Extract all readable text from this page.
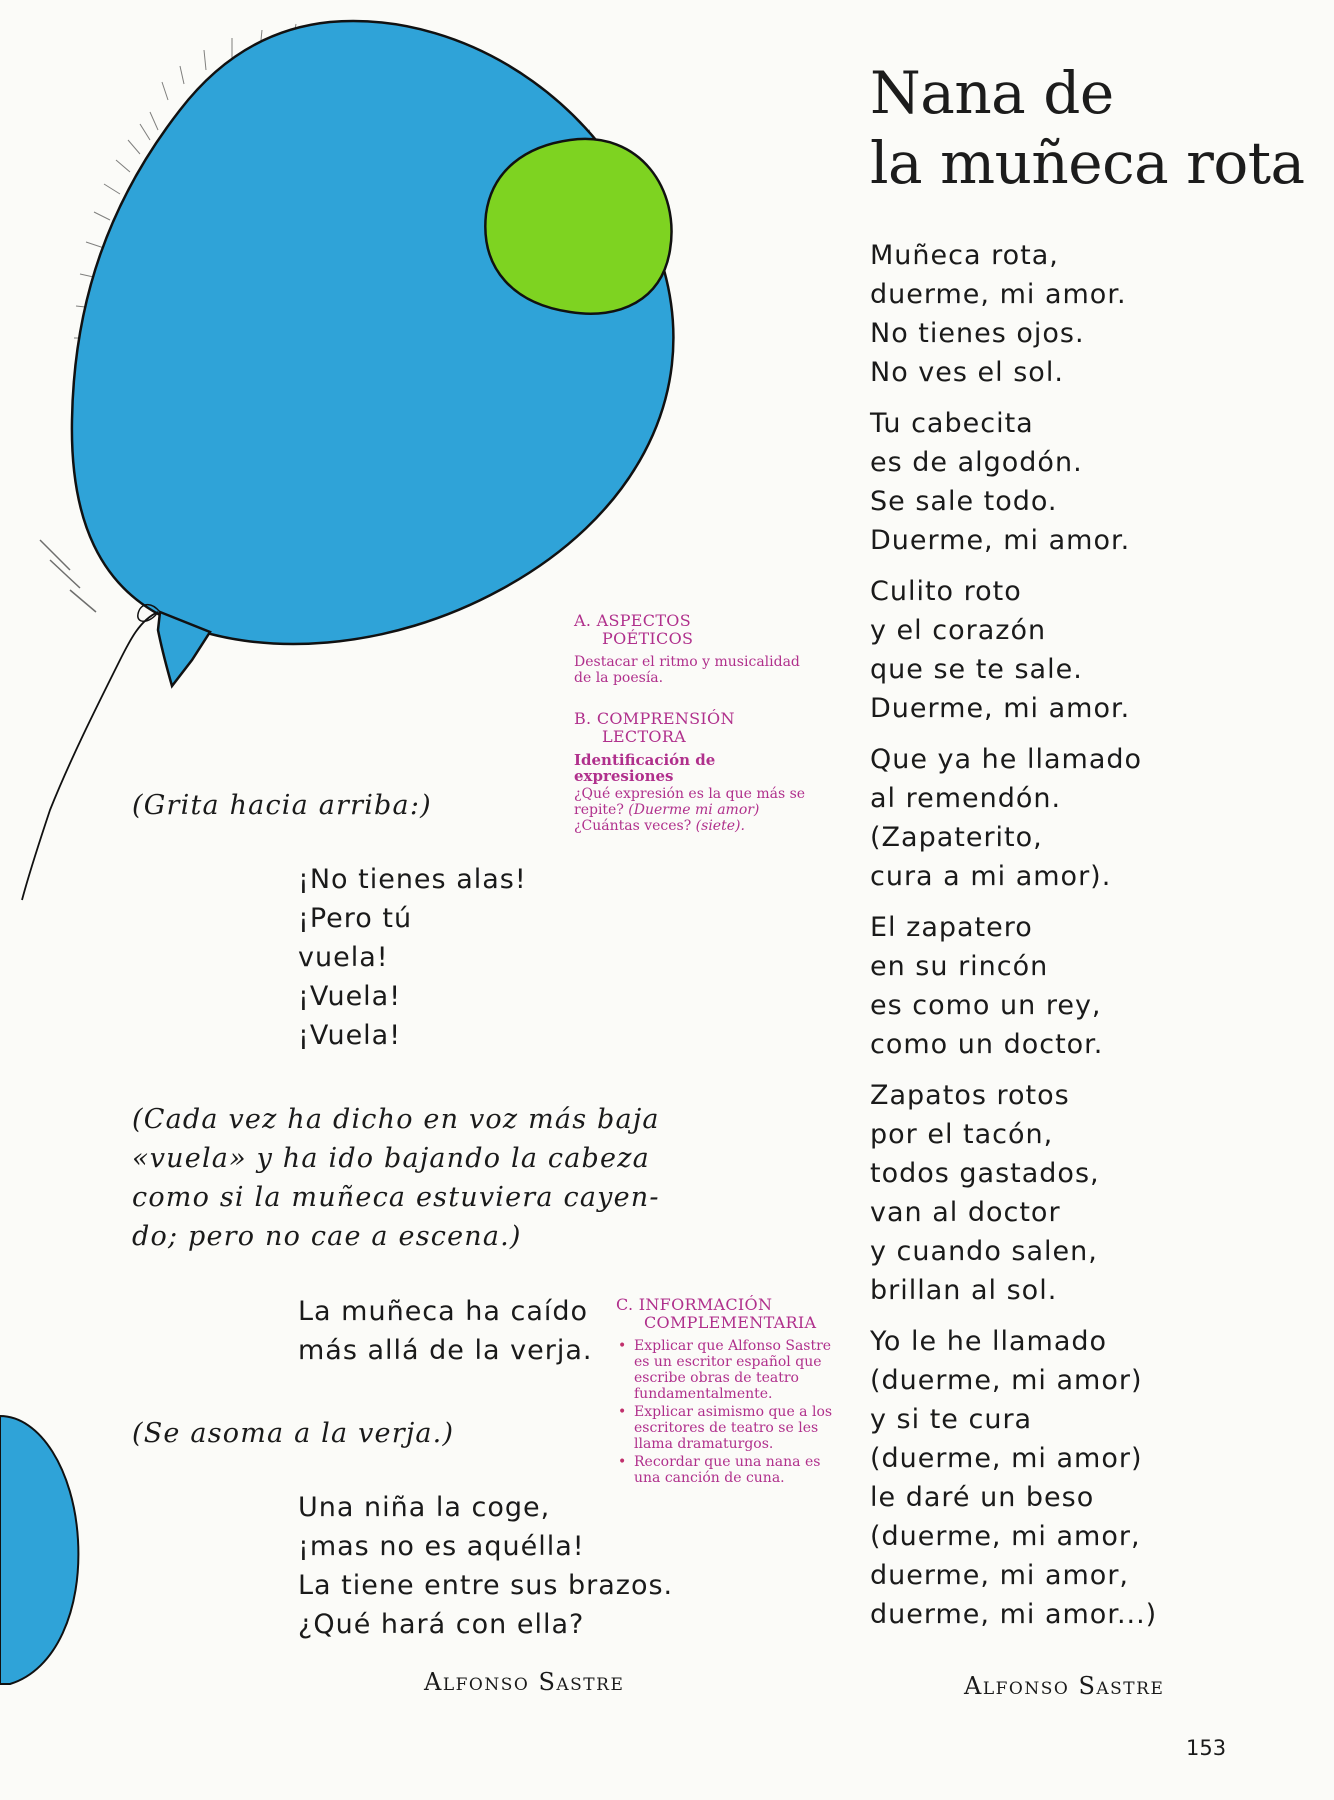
Nana de
la muñeca rota
Muñeca rota,
duerme, mi amor.
No tienes ojos.
No ves el sol.
Tu cabecita
es de algodón.
Se sale todo.
Duerme, mi amor.
Culito roto
y el corazón
que se te sale.
Duerme, mi amor.
Que ya he llamado
al remendón.
(Zapaterito,
cura a mi amor).
El zapatero
en su rincón
es como un rey,
como un doctor.
Zapatos rotos
por el tacón,
todos gastados,
van al doctor
y cuando salen,
brillan al sol.
Yo le he llamado
(duerme, mi amor)
y si te cura
(duerme, mi amor)
le daré un beso
(duerme, mi amor,
duerme, mi amor,
duerme, mi amor...)
Alfonso Sastre
(Grita hacia arriba:)
¡No tienes alas!
¡Pero tú
vuela!
¡Vuela!
¡Vuela!
(Cada vez ha dicho en voz más baja
«vuela» y ha ido bajando la cabeza
como si la muñeca estuviera cayen-
do; pero no cae a escena.)
La muñeca ha caído
más allá de la verja.
(Se asoma a la verja.)
Una niña la coge,
¡mas no es aquélla!
La tiene entre sus brazos.
¿Qué hará con ella?
Alfonso Sastre
A. ASPECTOS
POÉTICOS
Destacar el ritmo y musicalidad de la poesía.
B. COMPRENSIÓN
LECTORA
Identificación de expresiones
¿Qué expresión es la que más se repite? (Duerme mi amor) ¿Cuántas veces? (siete).
C. INFORMACIÓN
COMPLEMENTARIA
• Explicar que Alfonso Sastre es un escritor español que escribe obras de teatro fundamentalmente.
• Explicar asimismo que a los escritores de teatro se les llama dramaturgos.
• Recordar que una nana es una canción de cuna.
153
